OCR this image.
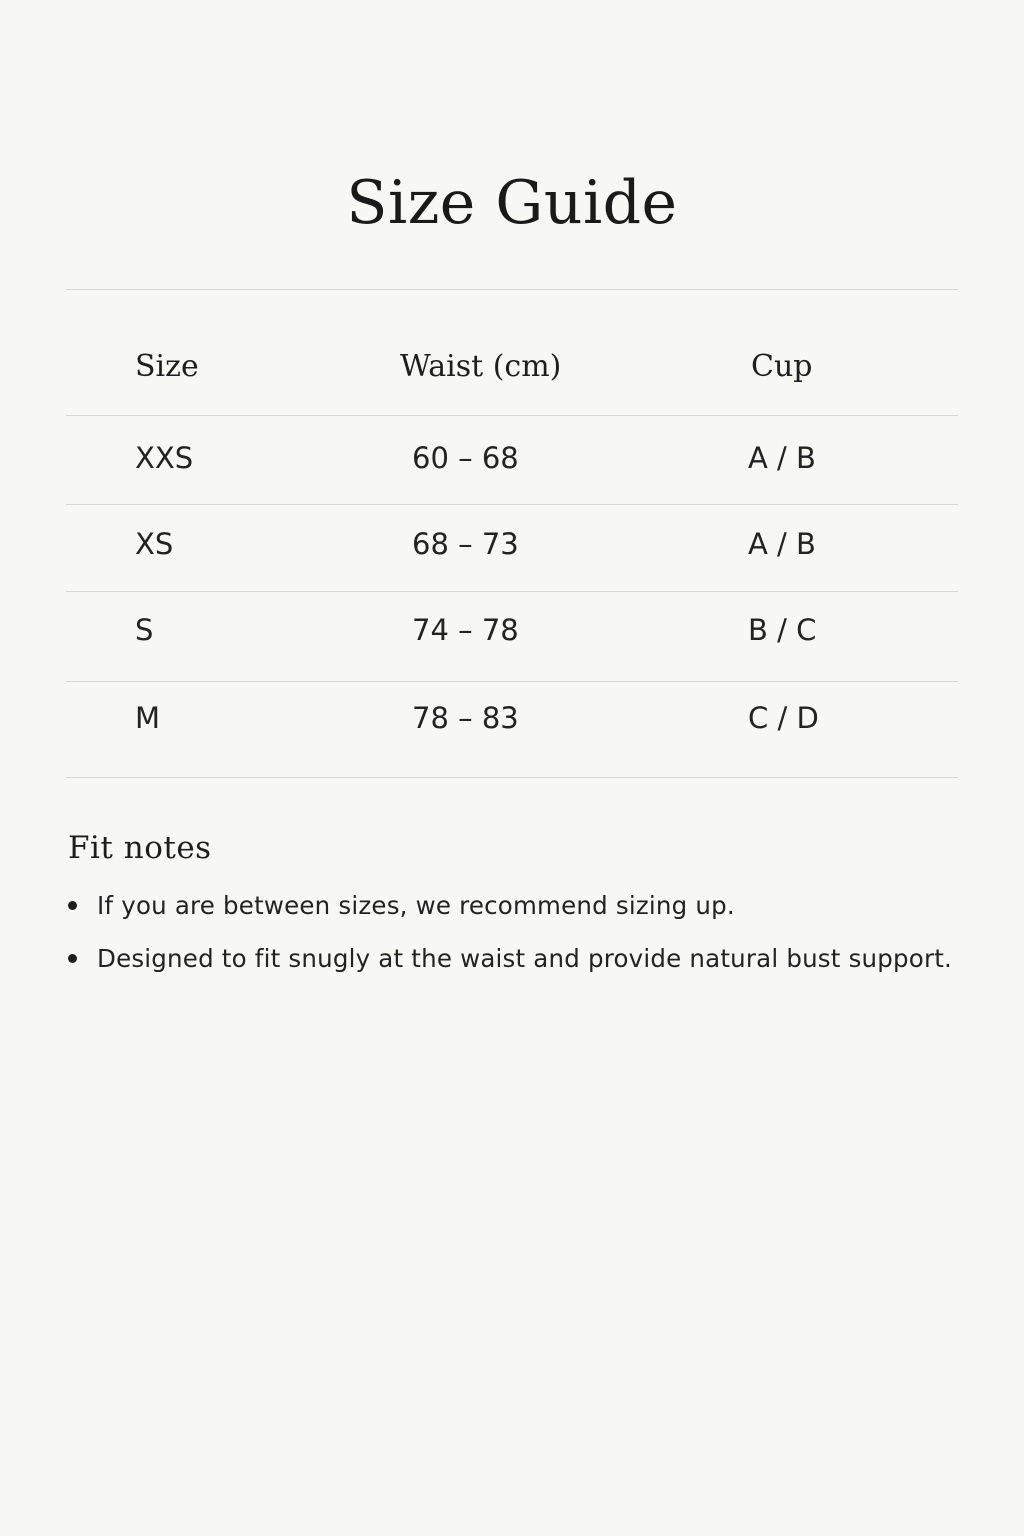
Size Guide
Size	Waist (cm)	Cup
XXS	60 – 68	A / B
XS	68 – 73	A / B
S	74 – 78	B / C
M	78 – 83	C / D
Fit notes
If you are between sizes, we recommend sizing up.
Designed to fit snugly at the waist and provide natural bust support.
